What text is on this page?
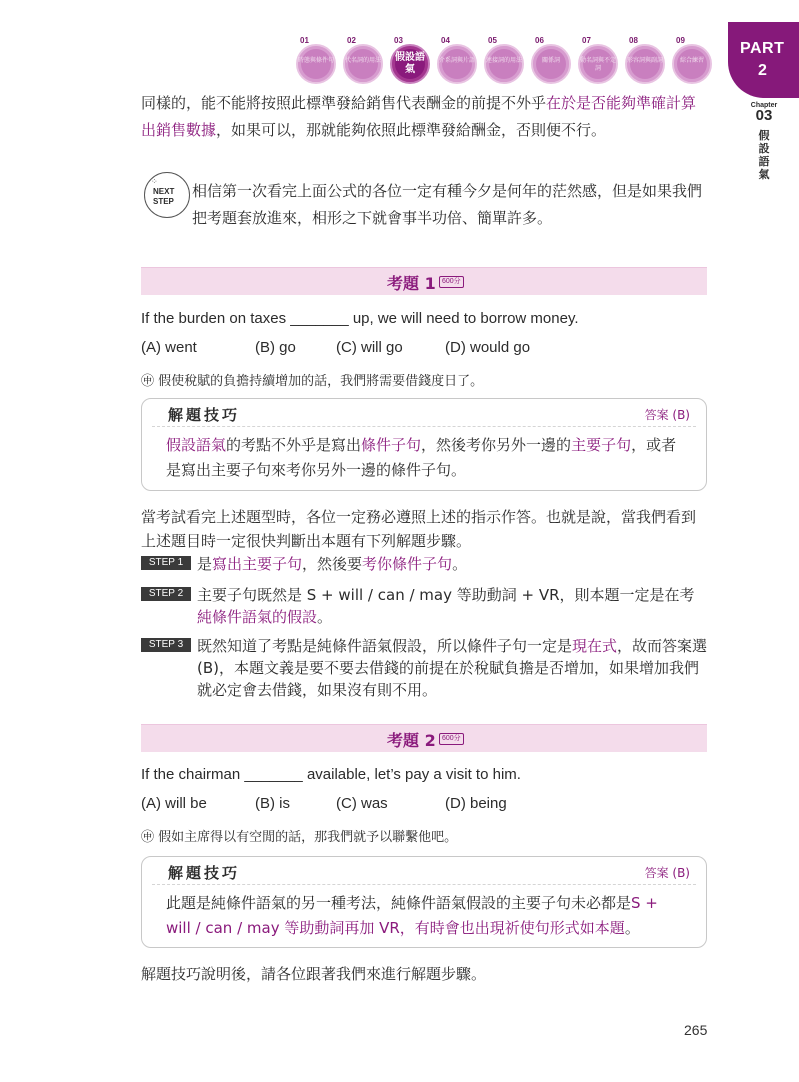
01
時態與條件句
02
代名詞的用法
03
假設語氣
04
介系詞與片語
05
連接詞的用法
06
關係詞
07
動名詞與不定詞
08
形容詞與副詞
09
綜合練習
PART
2
Chapter
03
假設語氣
同樣的，能不能將按照此標準發給銷售代表酬金的前提不外乎在於是否能夠準確計算出銷售數據，如果可以，那就能夠依照此標準發給酬金，否則便不行。
⁘
NEXT
STEP
相信第一次看完上面公式的各位一定有種今夕是何年的茫然感，但是如果我們把考題套放進來，相形之下就會事半功倍、簡單許多。
考題 1 600分
If the burden on taxes _______ up, we will need to borrow money.
(A) went	(B) go	(C) will go	(D) would go
㊥ 假使稅賦的負擔持續增加的話，我們將需要借錢度日了。
解題技巧	答案 (B)
假設語氣的考點不外乎是寫出條件子句，然後考你另外一邊的主要子句，或者是寫出主要子句來考你另外一邊的條件子句。
當考試看完上述題型時，各位一定務必遵照上述的指示作答。也就是說，當我們看到上述題目時一定很快判斷出本題有下列解題步驟。
STEP 1 是寫出主要子句，然後要考你條件子句。
STEP 2 主要子句既然是 S + will / can / may 等助動詞 + VR，則本題一定是在考純條件語氣的假設。
STEP 3 既然知道了考點是純條件語氣假設，所以條件子句一定是現在式，故而答案選 (B)，本題文義是要不要去借錢的前提在於稅賦負擔是否增加，如果增加我們就必定會去借錢，如果沒有則不用。
考題 2 600分
If the chairman _______ available, let’s pay a visit to him.
(A) will be	(B) is	(C) was	(D) being
㊥ 假如主席得以有空閒的話，那我們就予以聯繫他吧。
解題技巧	答案 (B)
此題是純條件語氣的另一種考法，純條件語氣假設的主要子句未必都是S + will / can / may 等助動詞再加 VR，有時會也出現祈使句形式如本題。
解題技巧說明後，請各位跟著我們來進行解題步驟。
265
